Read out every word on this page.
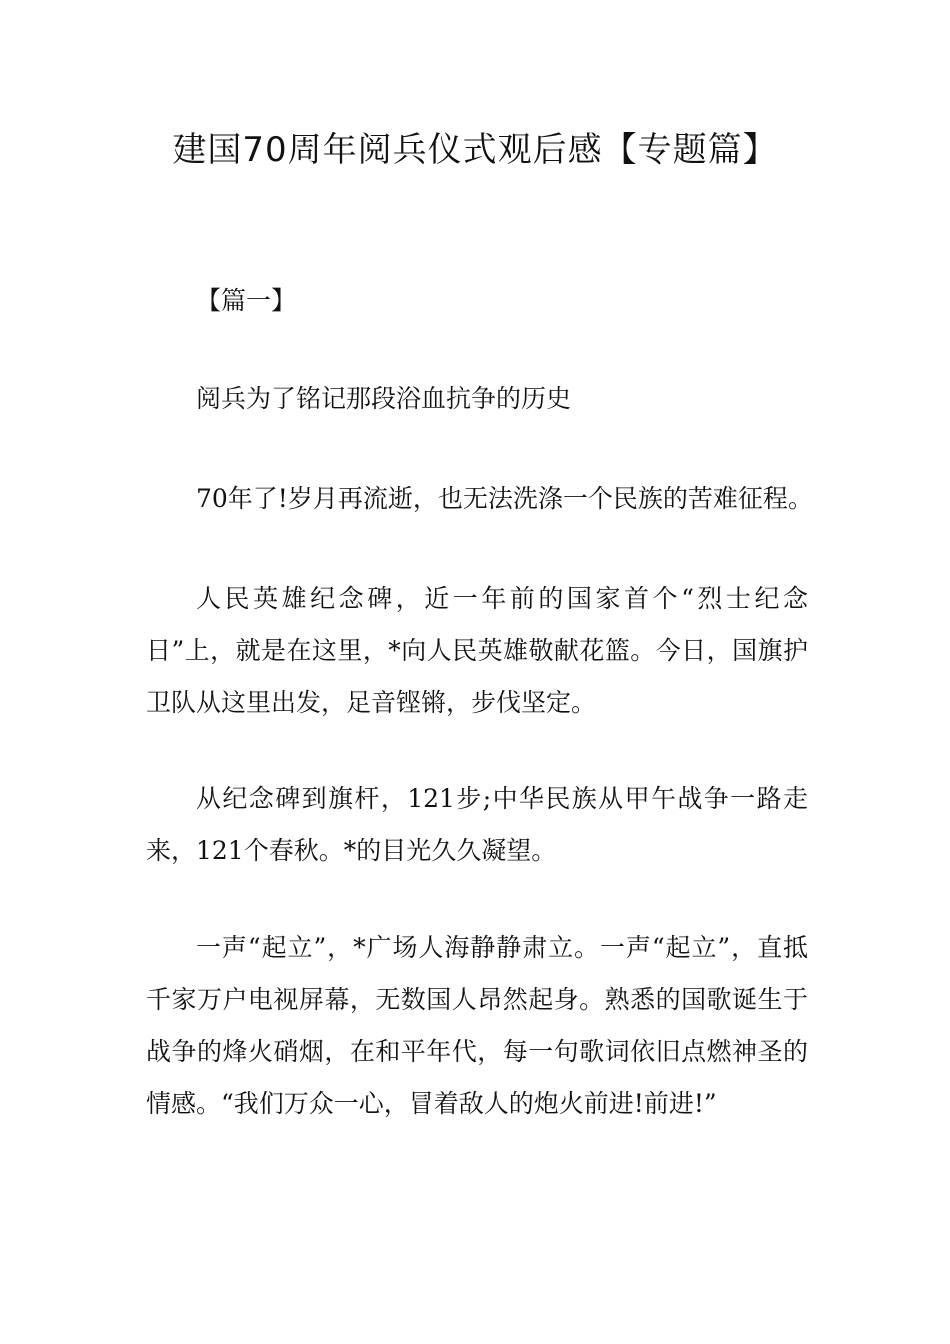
建国70周年阅兵仪式观后感【专题篇】

【篇一】

阅兵为了铭记那段浴血抗争的历史

70年了!岁月再流逝，也无法洗涤一个民族的苦难征程。

人民英雄纪念碑，近一年前的国家首个“烈士纪念日”上，就是在这里，*向人民英雄敬献花篮。今日，国旗护卫队从这里出发，足音铿锵，步伐坚定。

从纪念碑到旗杆，121步;中华民族从甲午战争一路走来，121个春秋。*的目光久久凝望。

一声“起立”，*广场人海静静肃立。一声“起立”，直抵千家万户电视屏幕，无数国人昂然起身。熟悉的国歌诞生于战争的烽火硝烟，在和平年代，每一句歌词依旧点燃神圣的情感。“我们万众一心，冒着敌人的炮火前进!前进!”
